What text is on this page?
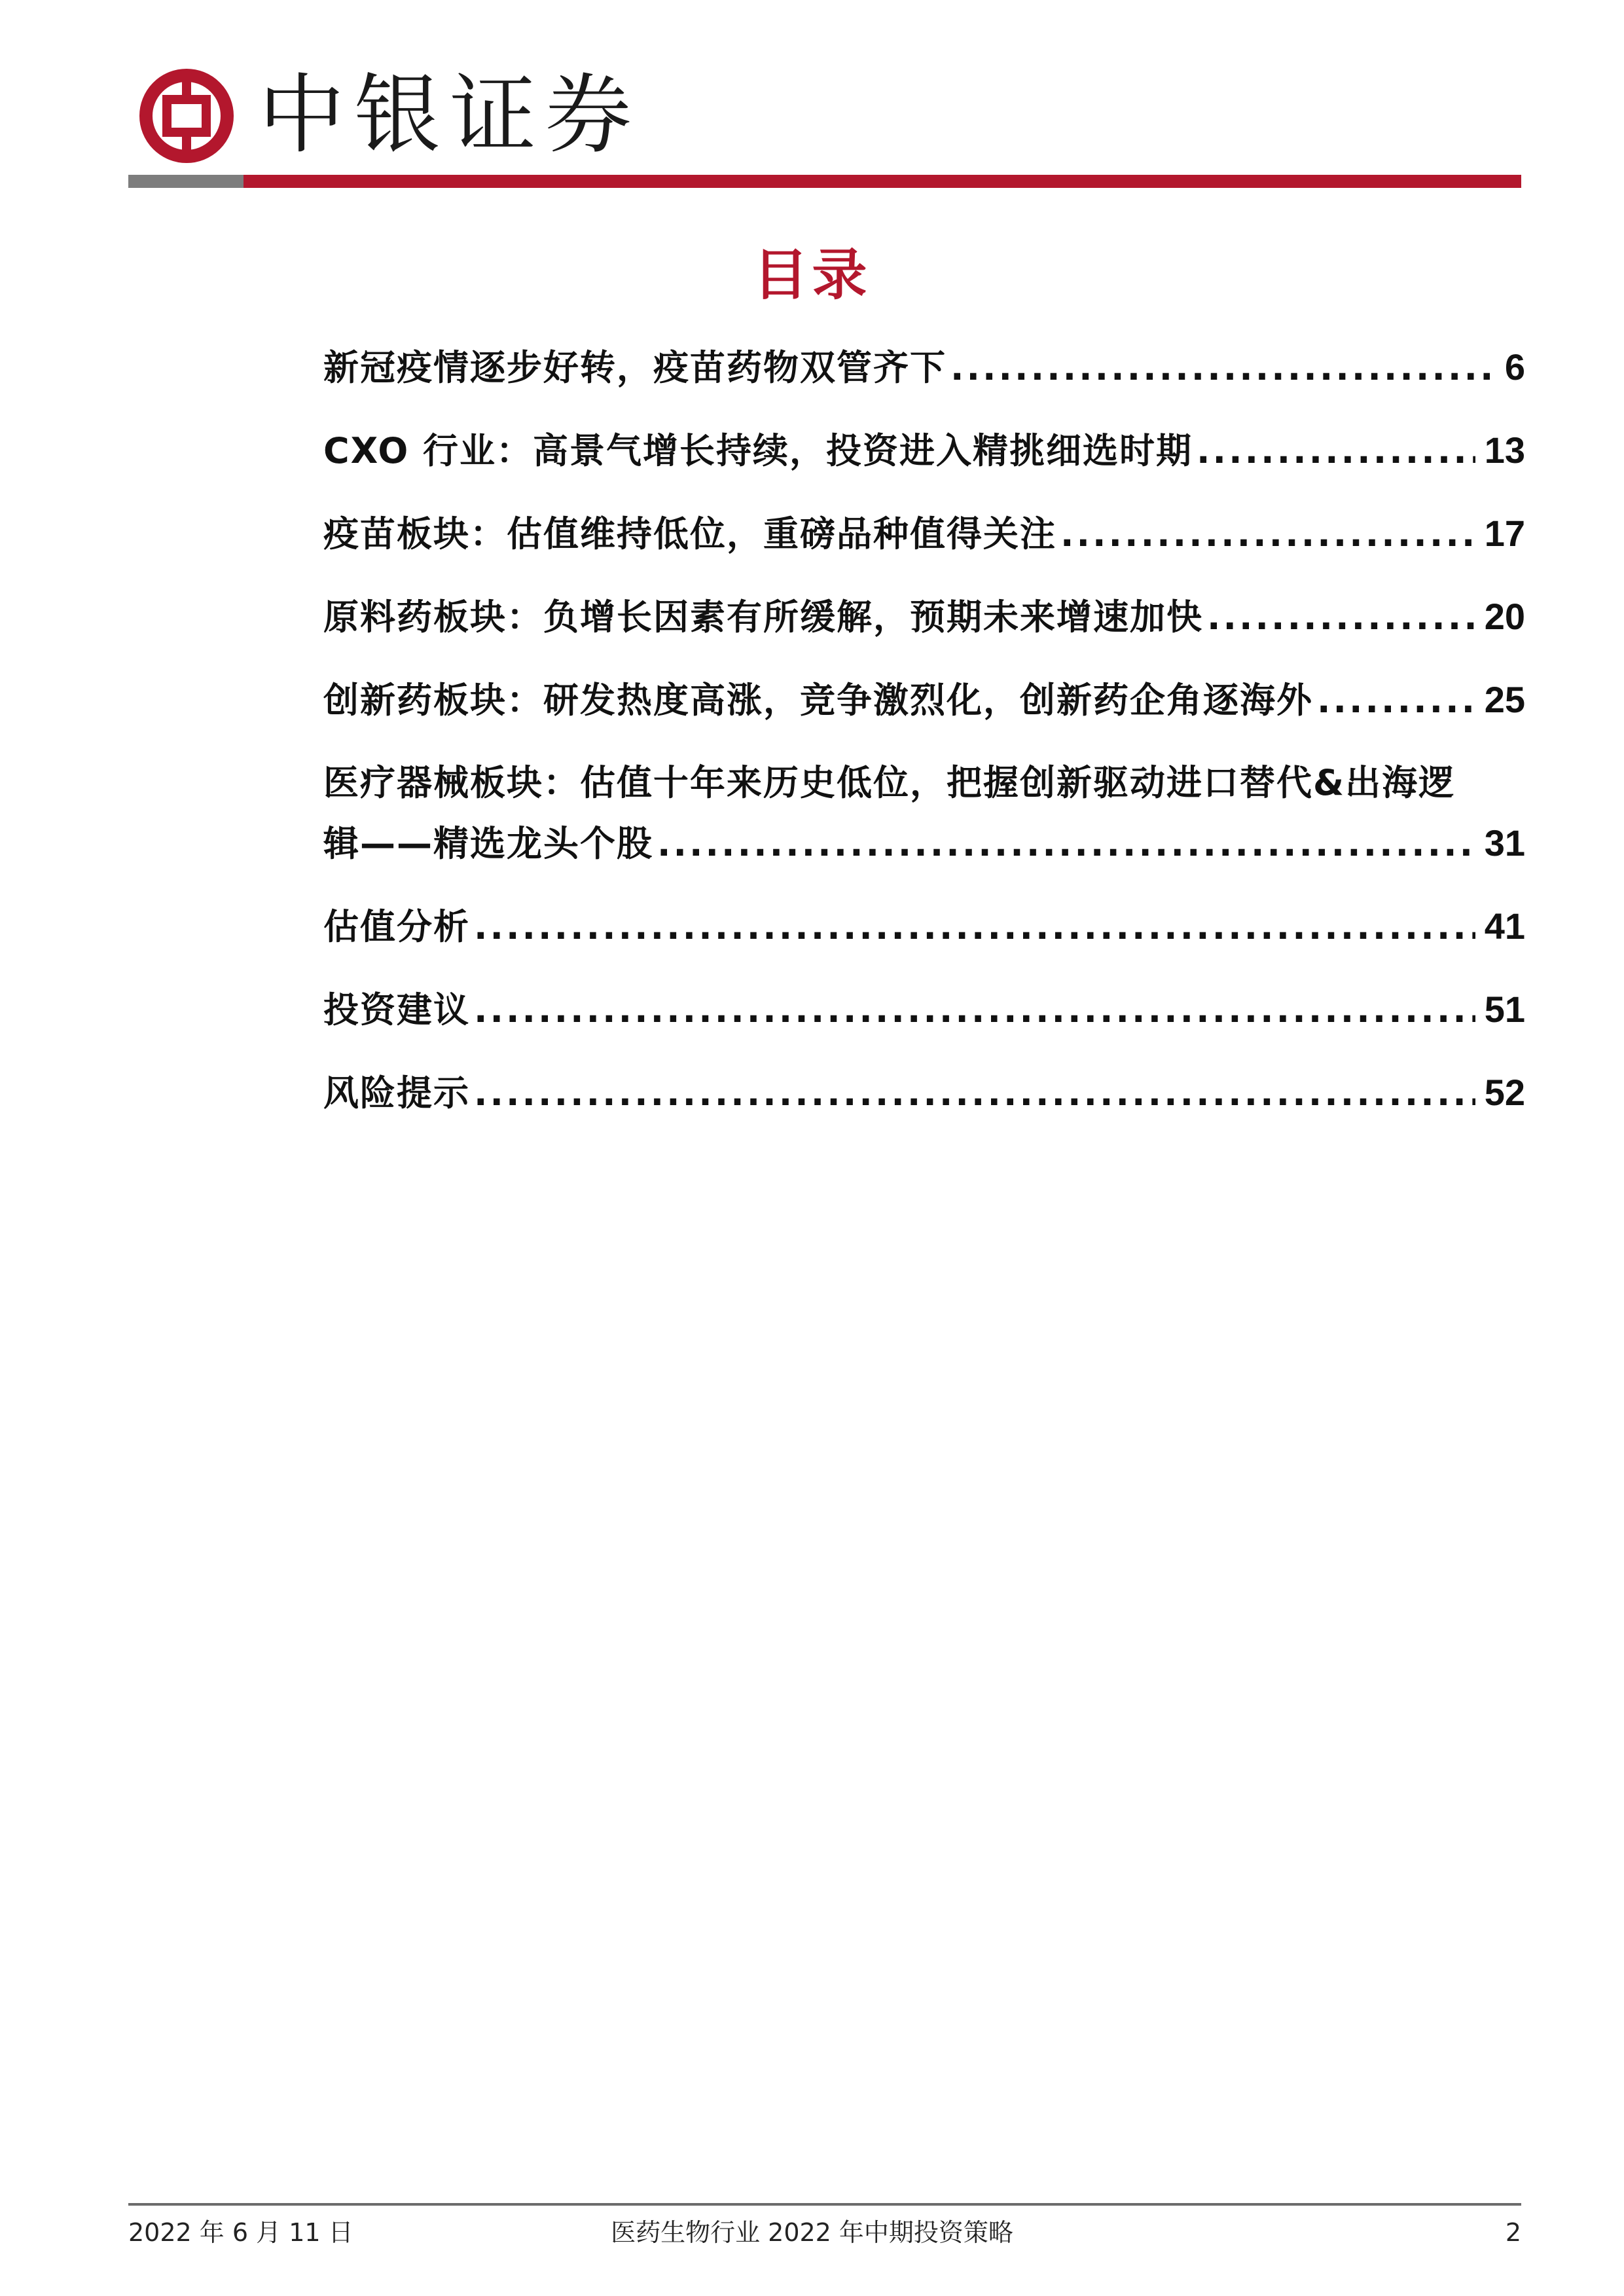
中银证券
目录
新冠疫情逐步好转，疫苗药物双管齐下 .....	6
CXO 行业：高景气增长持续，投资进入精挑细选时期 .....	13
疫苗板块：估值维持低位，重磅品种值得关注 .....	17
原料药板块：负增长因素有所缓解，预期未来增速加快 .....	20
创新药板块：研发热度高涨，竞争激烈化，创新药企角逐海外 .....	25
医疗器械板块：估值十年来历史低位，把握创新驱动进口替代&出海逻
辑——精选龙头个股 .....	31
估值分析 .....	41
投资建议 .....	51
风险提示 .....	52
2022 年 6 月 11 日	医药生物行业 2022 年中期投资策略	2
